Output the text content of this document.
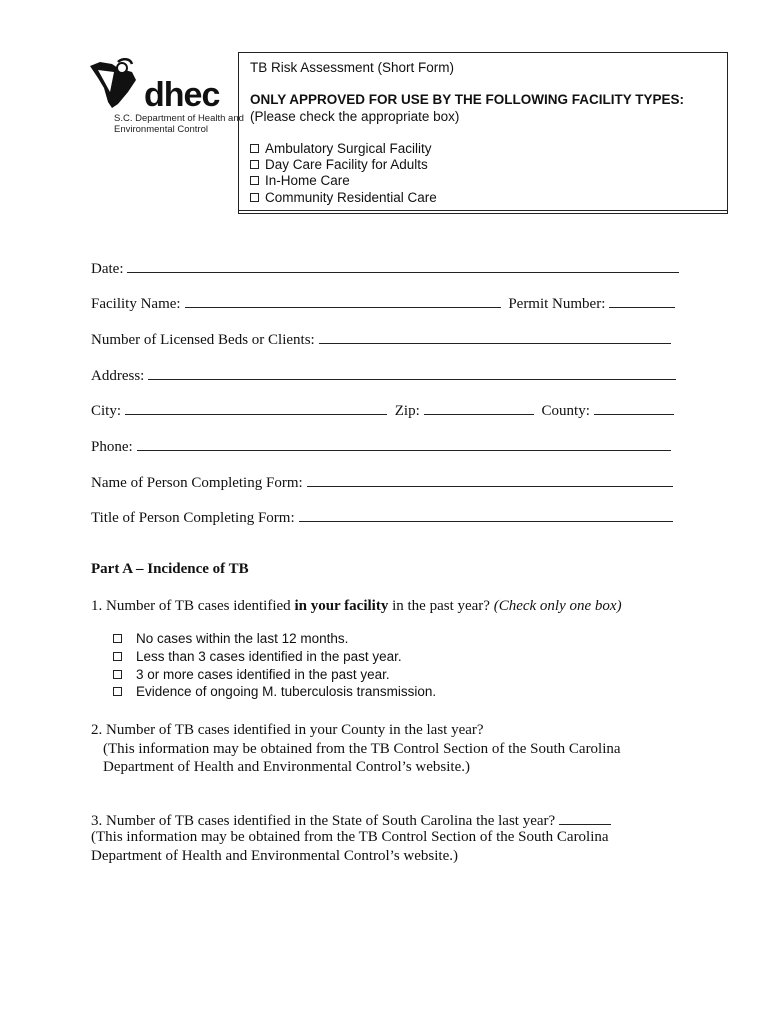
dhec
S.C. Department of Health and
Environmental Control
TB Risk Assessment (Short Form)
ONLY APPROVED FOR USE BY THE FOLLOWING FACILITY TYPES:
(Please check the appropriate box)
Ambulatory Surgical Facility
Day Care Facility for Adults
In-Home Care
Community Residential Care
Date:
Facility Name:	Permit Number:
Number of Licensed Beds or Clients:
Address:
City:	Zip:	County:
Phone:
Name of Person Completing Form:
Title of Person Completing Form:
Part A – Incidence of TB
1. Number of TB cases identified in your facility in the past year? (Check only one box)
No cases within the last 12 months.
Less than 3 cases identified in the past year.
3 or more cases identified in the past year.
Evidence of ongoing M. tuberculosis transmission.
2. Number of TB cases identified in your County in the last year?
(This information may be obtained from the TB Control Section of the South Carolina
Department of Health and Environmental Control’s website.)
3. Number of TB cases identified in the State of South Carolina the last year?
(This information may be obtained from the TB Control Section of the South Carolina
Department of Health and Environmental Control’s website.)
